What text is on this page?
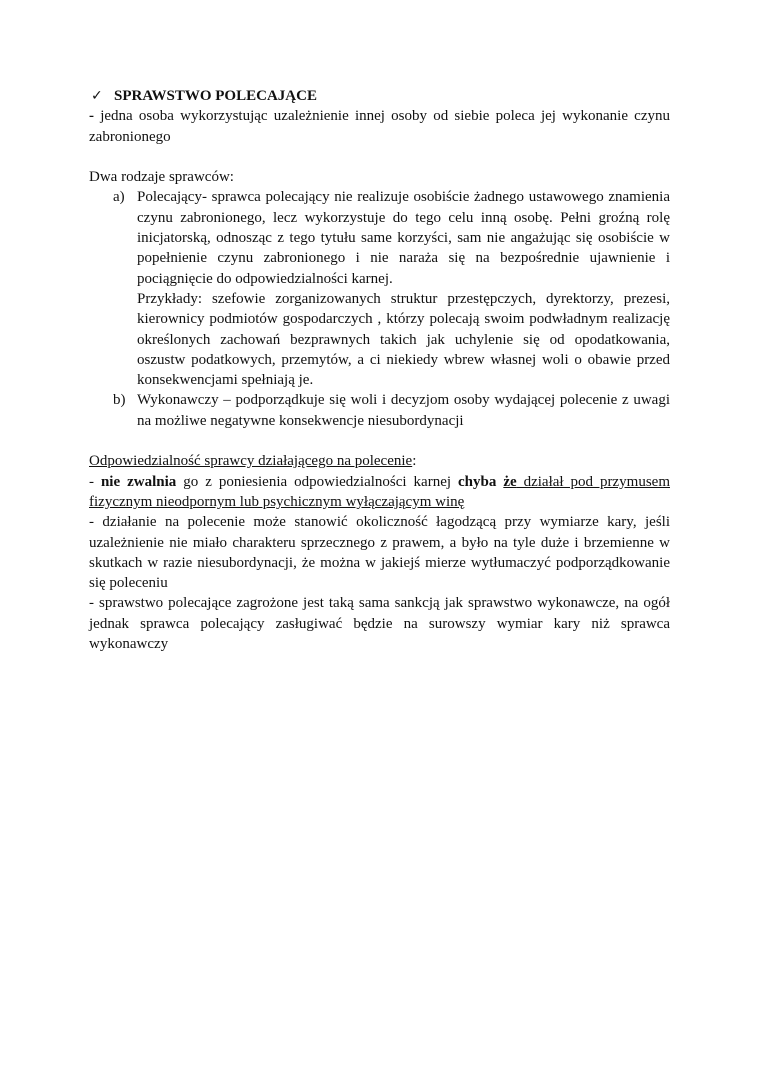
✓ SPRAWSTWO POLECAJĄCE
- jedna osoba wykorzystując uzależnienie innej osoby od siebie poleca jej wykonanie czynu zabronionego
Dwa rodzaje sprawców:
a) Polecający- sprawca polecający nie realizuje osobiście żadnego ustawowego znamienia czynu zabronionego, lecz wykorzystuje do tego celu inną osobę. Pełni groźną rolę inicjatorską, odnosząc z tego tytułu same korzyści, sam nie angażując się osobiście w popełnienie czynu zabronionego i nie naraża się na bezpośrednie ujawnienie i pociągnięcie do odpowiedzialności karnej.
Przykłady: szefowie zorganizowanych struktur przestępczych, dyrektorzy, prezesi, kierownicy podmiotów gospodarczych , którzy polecają swoim podwładnym realizację określonych zachowań bezprawnych takich jak uchylenie się od opodatkowania, oszustw podatkowych, przemytów, a ci niekiedy wbrew własnej woli o obawie przed konsekwencjami spełniają je.
b) Wykonawczy – podporządkuje się woli i decyzjom osoby wydającej polecenie z uwagi na możliwe negatywne konsekwencje niesubordynacji
Odpowiedzialność sprawcy działającego na polecenie:
- nie zwalnia go z poniesienia odpowiedzialności karnej chyba że działał pod przymusem fizycznym nieodpornym lub psychicznym wyłączającym winę
- działanie na polecenie może stanowić okoliczność łagodzącą przy wymiarze kary, jeśli uzależnienie nie miało charakteru sprzecznego z prawem, a było na tyle duże i brzemienne w skutkach w razie niesubordynacji, że można w jakiejś mierze wytłumaczyć podporządkowanie się poleceniu
- sprawstwo polecające zagrożone jest taką sama sankcją jak sprawstwo wykonawcze, na ogół jednak sprawca polecający zasługiwać będzie na surowszy wymiar kary niż sprawca wykonawczy
